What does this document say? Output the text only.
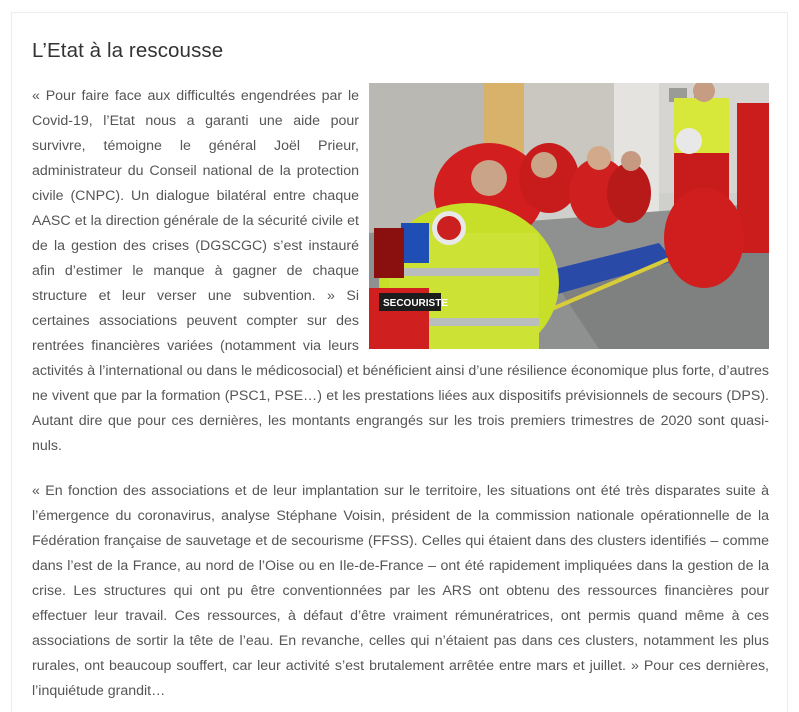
L’Etat à la rescousse

SECOURISTE
« Pour faire face aux difficultés engendrées par le Covid-19, l’Etat nous a garanti une aide pour survivre, témoigne le général Joël Prieur, administrateur du Conseil national de la protection civile (CNPC). Un dialogue bilatéral entre chaque AASC et la direction générale de la sécurité civile et de la gestion des crises (DGSCGC) s’est instauré afin d’estimer le manque à gagner de chaque structure et leur verser une subvention. » Si certaines associations peuvent compter sur des rentrées financières variées (notamment via leurs activités à l’international ou dans le médicosocial) et bénéficient ainsi d’une résilience économique plus forte, d’autres ne vivent que par la formation (PSC1, PSE…) et les prestations liées aux dispositifs prévisionnels de secours (DPS). Autant dire que pour ces dernières, les montants engrangés sur les trois premiers trimestres de 2020 sont quasi-nuls.

« En fonction des associations et de leur implantation sur le territoire, les situations ont été très disparates suite à l’émergence du coronavirus, analyse Stéphane Voisin, président de la commission nationale opérationnelle de la Fédération française de sauvetage et de secourisme (FFSS). Celles qui étaient dans des clusters identifiés – comme dans l’est de la France, au nord de l’Oise ou en Ile-de-France – ont été rapidement impliquées dans la gestion de la crise. Les structures qui ont pu être conventionnées par les ARS ont obtenu des ressources financières pour effectuer leur travail. Ces ressources, à défaut d’être vraiment rémunératrices, ont permis quand même à ces associations de sortir la tête de l’eau. En revanche, celles qui n’étaient pas dans ces clusters, notamment les plus rurales, ont beaucoup souffert, car leur activité s’est brutalement arrêtée entre mars et juillet. » Pour ces dernières, l’inquiétude grandit…
